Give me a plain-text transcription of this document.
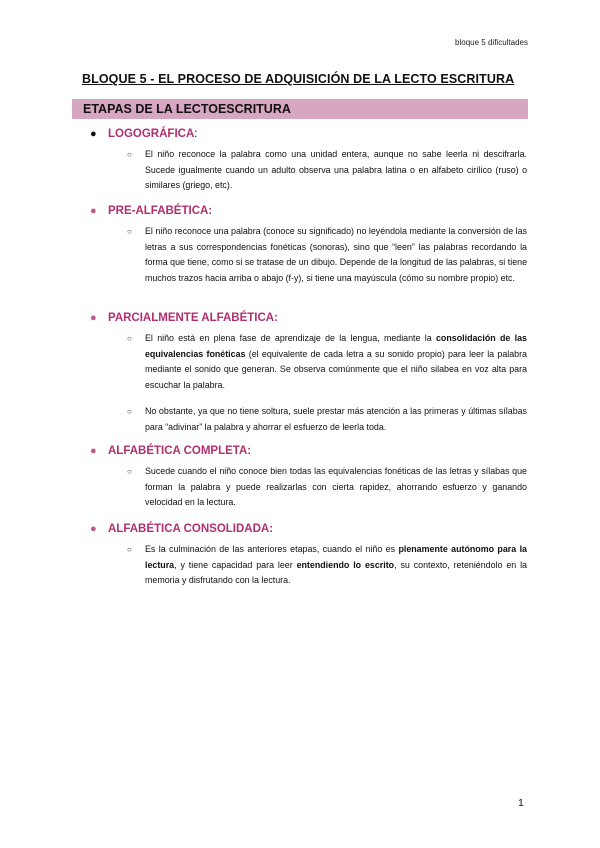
bloque 5 dificultades
BLOQUE 5 - EL PROCESO DE ADQUISICIÓN DE LA LECTO ESCRITURA
ETAPAS DE LA LECTOESCRITURA
● LOGOGRÁFICA:
○ El niño reconoce la palabra como una unidad entera, aunque no sabe leerla ni descifrarla. Sucede igualmente cuando un adulto observa una palabra latina o en alfabeto cirílico (ruso) o similares (griego, etc).
● PRE-ALFABÉTICA:
○ El niño reconoce una palabra (conoce su significado) no leyéndola mediante la conversión de las letras a sus correspondencias fonéticas (sonoras), sino que “leen” las palabras recordando la forma que tiene, como si se tratase de un dibujo. Depende de la longitud de las palabras, si tiene muchos trazos hacia arriba o abajo (f-y), si tiene una mayúscula (cómo su nombre propio) etc.
● PARCIALMENTE ALFABÉTICA:
○ El niño está en plena fase de aprendizaje de la lengua, mediante la consolidación de las equivalencias fonéticas (el equivalente de cada letra a su sonido propio) para leer la palabra mediante el sonido que generan. Se observa comúnmente que el niño silabea en voz alta para escuchar la palabra.
○ No obstante, ya que no tiene soltura, suele prestar más atención a las primeras y últimas sílabas para “adivinar” la palabra y ahorrar el esfuerzo de leerla toda.
● ALFABÉTICA COMPLETA:
○ Sucede cuando el niño conoce bien todas las equivalencias fonéticas de las letras y sílabas que forman la palabra y puede realizarlas con cierta rapidez, ahorrando esfuerzo y ganando velocidad en la lectura.
● ALFABÉTICA CONSOLIDADA:
○ Es la culminación de las anteriores etapas, cuando el niño es plenamente autónomo para la lectura, y tiene capacidad para leer entendiendo lo escrito, su contexto, reteniéndolo en la memoria y disfrutando con la lectura.
1
